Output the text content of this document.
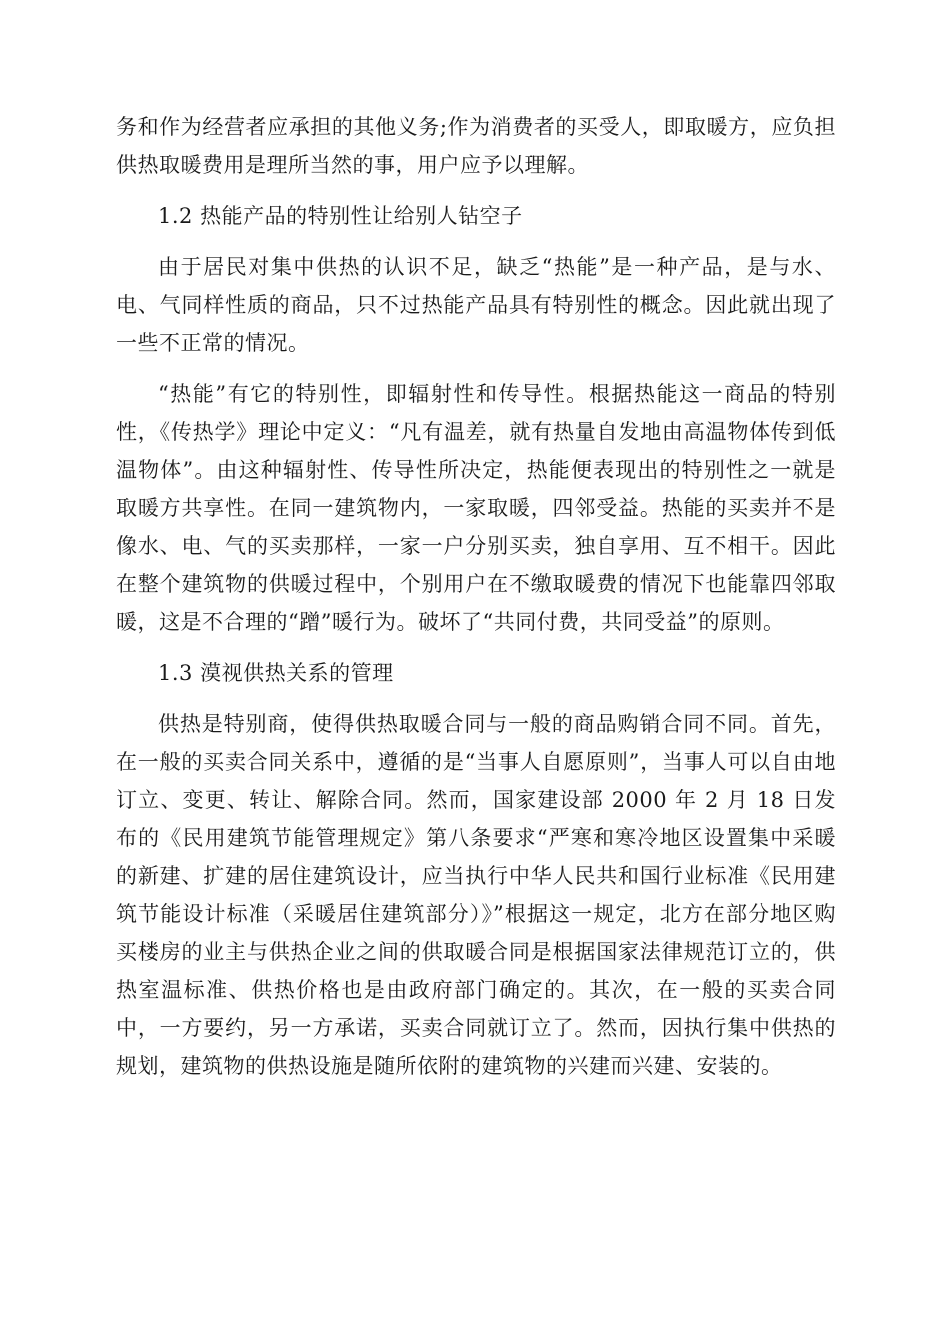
务和作为经营者应承担的其他义务;作为消费者的买受人，即取暖方，应负担供热取暖费用是理所当然的事，用户应予以理解。

1.2 热能产品的特别性让给别人钻空子

由于居民对集中供热的认识不足，缺乏“热能”是一种产品，是与水、电、气同样性质的商品，只不过热能产品具有特别性的概念。因此就出现了一些不正常的情况。

“热能”有它的特别性，即辐射性和传导性。根据热能这一商品的特别性，《传热学》理论中定义：“凡有温差，就有热量自发地由高温物体传到低温物体”。由这种辐射性、传导性所决定，热能便表现出的特别性之一就是取暖方共享性。在同一建筑物内，一家取暖，四邻受益。热能的买卖并不是像水、电、气的买卖那样，一家一户分别买卖，独自享用、互不相干。因此在整个建筑物的供暖过程中，个别用户在不缴取暖费的情况下也能靠四邻取暖，这是不合理的“蹭”暖行为。破坏了“共同付费，共同受益”的原则。

1.3 漠视供热关系的管理

供热是特别商，使得供热取暖合同与一般的商品购销合同不同。首先，在一般的买卖合同关系中，遵循的是“当事人自愿原则”，当事人可以自由地订立、变更、转让、解除合同。然而，国家建设部 2000 年 2 月 18 日发布的《民用建筑节能管理规定》第八条要求“严寒和寒冷地区设置集中采暖的新建、扩建的居住建筑设计，应当执行中华人民共和国行业标准《民用建筑节能设计标准（采暖居住建筑部分）》”根据这一规定，北方在部分地区购买楼房的业主与供热企业之间的供取暖合同是根据国家法律规范订立的，供热室温标准、供热价格也是由政府部门确定的。其次，在一般的买卖合同中，一方要约，另一方承诺，买卖合同就订立了。然而，因执行集中供热的规划，建筑物的供热设施是随所依附的建筑物的兴建而兴建、安装的。
